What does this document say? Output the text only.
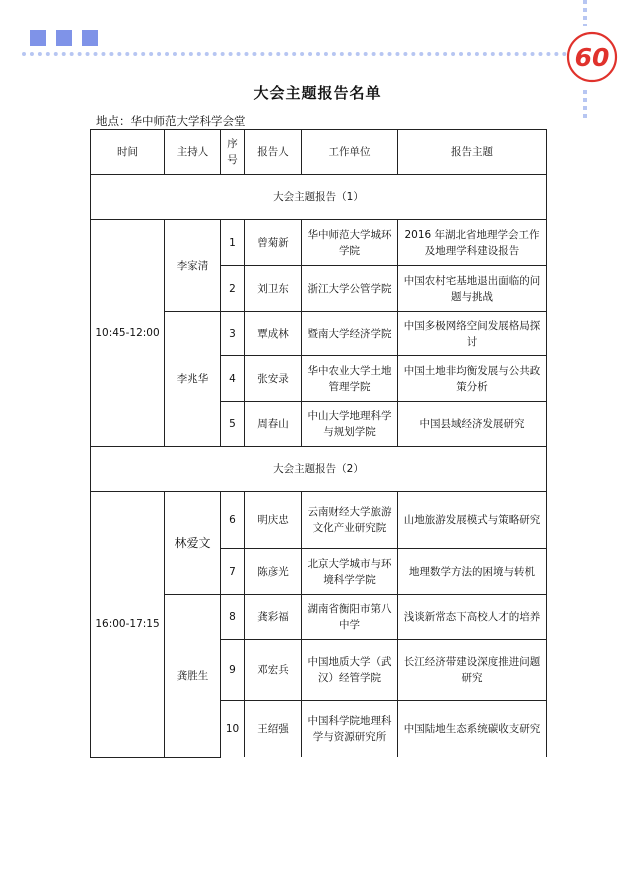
60
大会主题报告名单
地点：华中师范大学科学会堂
时间	主持人	序号	报告人	工作单位	报告主题
大会主题报告（1）					
10:45-12:00	李家清	1	曾菊新	华中师范大学城环学院	2016 年湖北省地理学会工作及地理学科建设报告
		2	刘卫东	浙江大学公管学院	中国农村宅基地退出面临的问题与挑战
	李兆华	3	覃成林	暨南大学经济学院	中国多极网络空间发展格局探讨
		4	张安录	华中农业大学土地管理学院	中国土地非均衡发展与公共政策分析
		5	周春山	中山大学地理科学与规划学院	中国县域经济发展研究
大会主题报告（2）					
16:00-17:15	林爱文	6	明庆忠	云南财经大学旅游文化产业研究院	山地旅游发展模式与策略研究
		7	陈彦光	北京大学城市与环境科学学院	地理数学方法的困境与转机
	龚胜生	8	龚彩福	湖南省衡阳市第八中学	浅谈新常态下高校人才的培养
		9	邓宏兵	中国地质大学（武汉）经管学院	长江经济带建设深度推进问题研究
		10	王绍强	中国科学院地理科学与资源研究所	中国陆地生态系统碳收支研究
